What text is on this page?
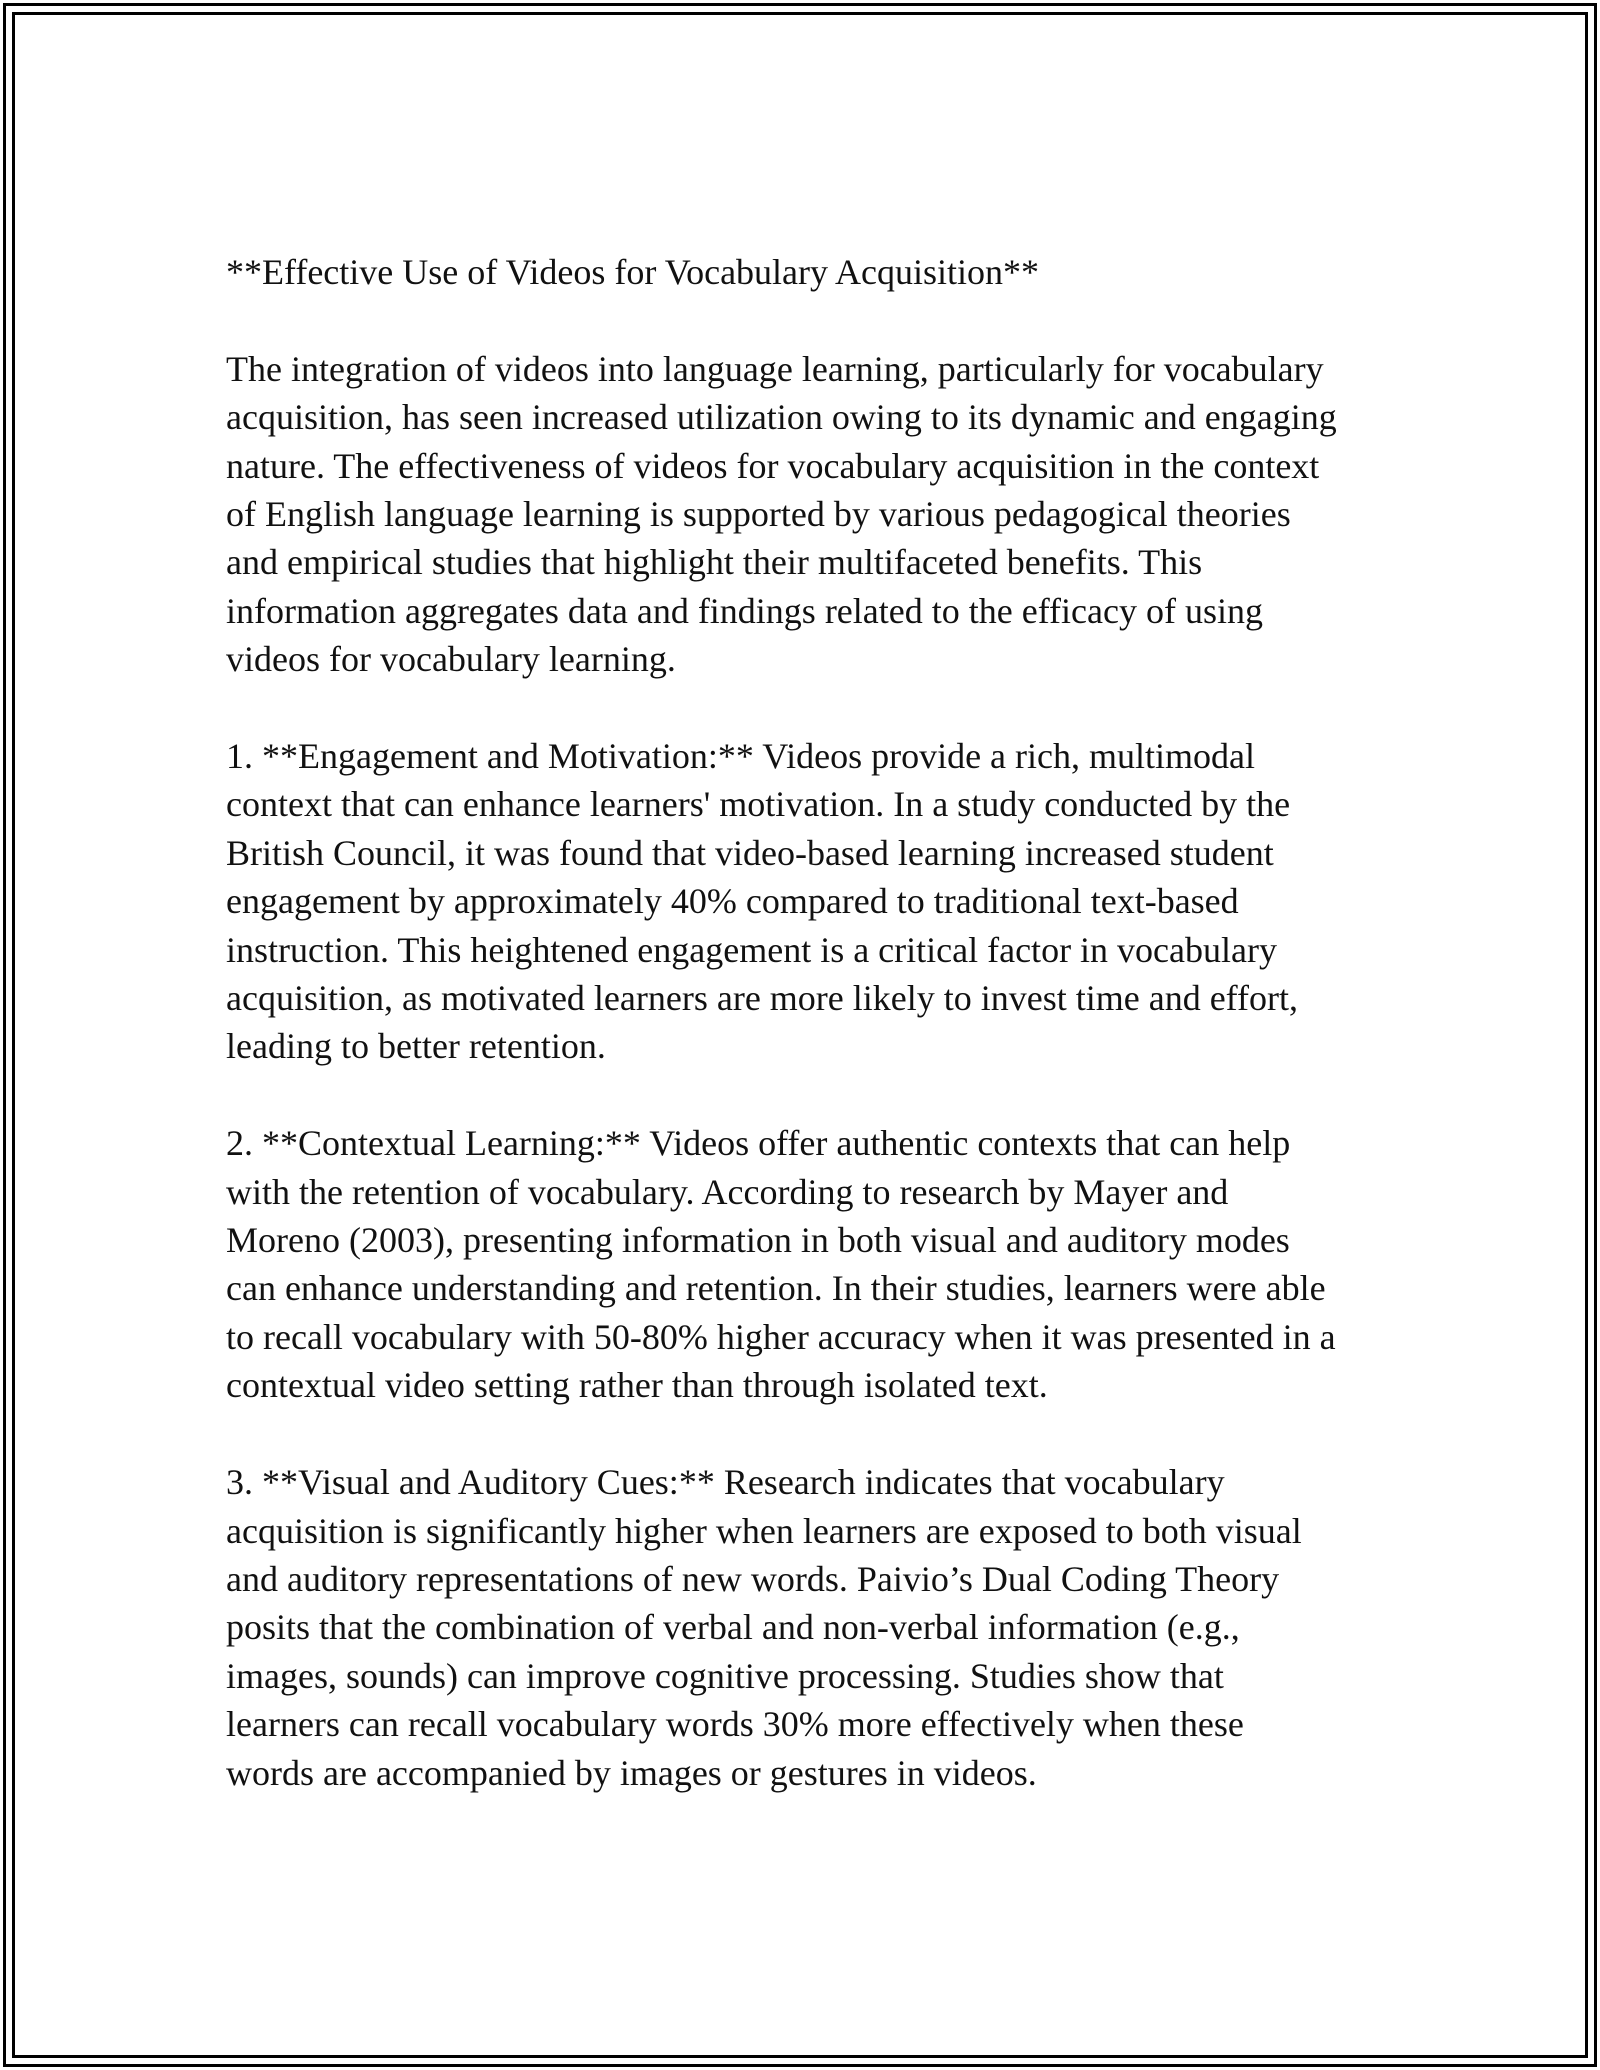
**Effective Use of Videos for Vocabulary Acquisition**

The integration of videos into language learning, particularly for vocabulary
acquisition, has seen increased utilization owing to its dynamic and engaging
nature. The effectiveness of videos for vocabulary acquisition in the context
of English language learning is supported by various pedagogical theories
and empirical studies that highlight their multifaceted benefits. This
information aggregates data and findings related to the efficacy of using
videos for vocabulary learning.

1. **Engagement and Motivation:** Videos provide a rich, multimodal
context that can enhance learners' motivation. In a study conducted by the
British Council, it was found that video-based learning increased student
engagement by approximately 40% compared to traditional text-based
instruction. This heightened engagement is a critical factor in vocabulary
acquisition, as motivated learners are more likely to invest time and effort,
leading to better retention.

2. **Contextual Learning:** Videos offer authentic contexts that can help
with the retention of vocabulary. According to research by Mayer and
Moreno (2003), presenting information in both visual and auditory modes
can enhance understanding and retention. In their studies, learners were able
to recall vocabulary with 50-80% higher accuracy when it was presented in a
contextual video setting rather than through isolated text.

3. **Visual and Auditory Cues:** Research indicates that vocabulary
acquisition is significantly higher when learners are exposed to both visual
and auditory representations of new words. Paivio’s Dual Coding Theory
posits that the combination of verbal and non-verbal information (e.g.,
images, sounds) can improve cognitive processing. Studies show that
learners can recall vocabulary words 30% more effectively when these
words are accompanied by images or gestures in videos.
